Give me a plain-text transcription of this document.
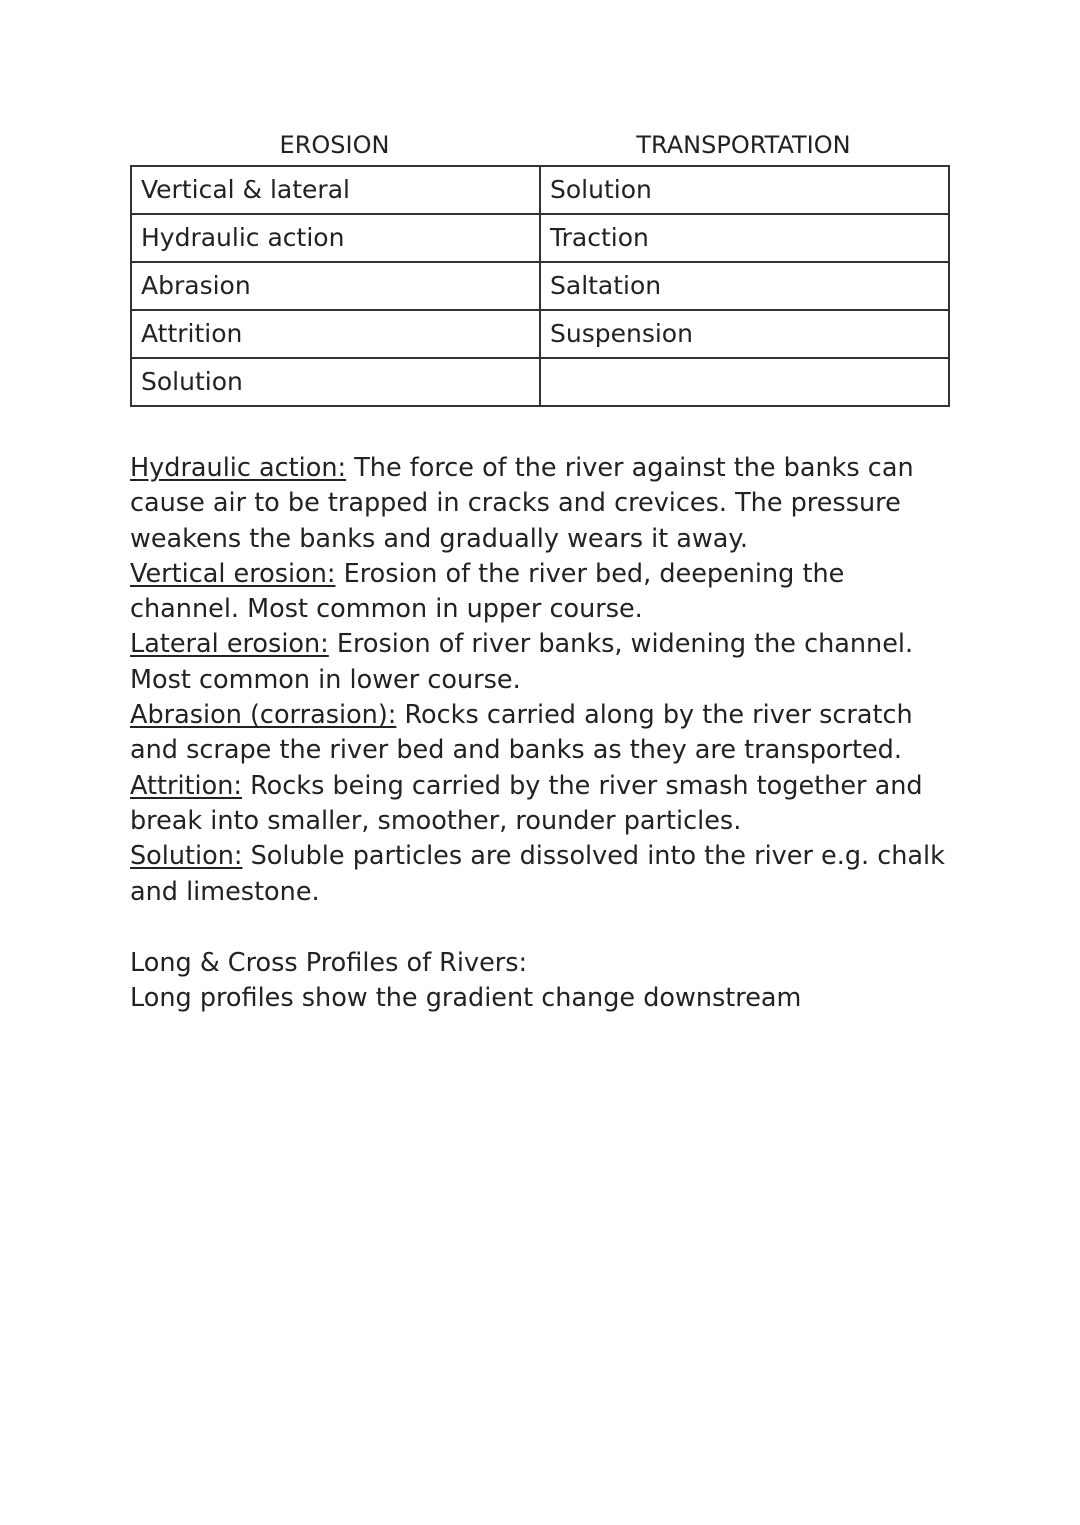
EROSION	TRANSPORTATION
Vertical & lateral	Solution
Hydraulic action	Traction
Abrasion	Saltation
Attrition	Suspension
Solution	

Hydraulic action: The force of the river against the banks can cause air to be trapped in cracks and crevices. The pressure weakens the banks and gradually wears it away.

Vertical erosion: Erosion of the river bed, deepening the channel. Most common in upper course.

Lateral erosion: Erosion of river banks, widening the channel. Most common in lower course.

Abrasion (corrasion): Rocks carried along by the river scratch and scrape the river bed and banks as they are transported.

Attrition: Rocks being carried by the river smash together and break into smaller, smoother, rounder particles.

Solution: Soluble particles are dissolved into the river e.g. chalk and limestone.

Long & Cross Profiles of Rivers:

Long profiles show the gradient change downstream
